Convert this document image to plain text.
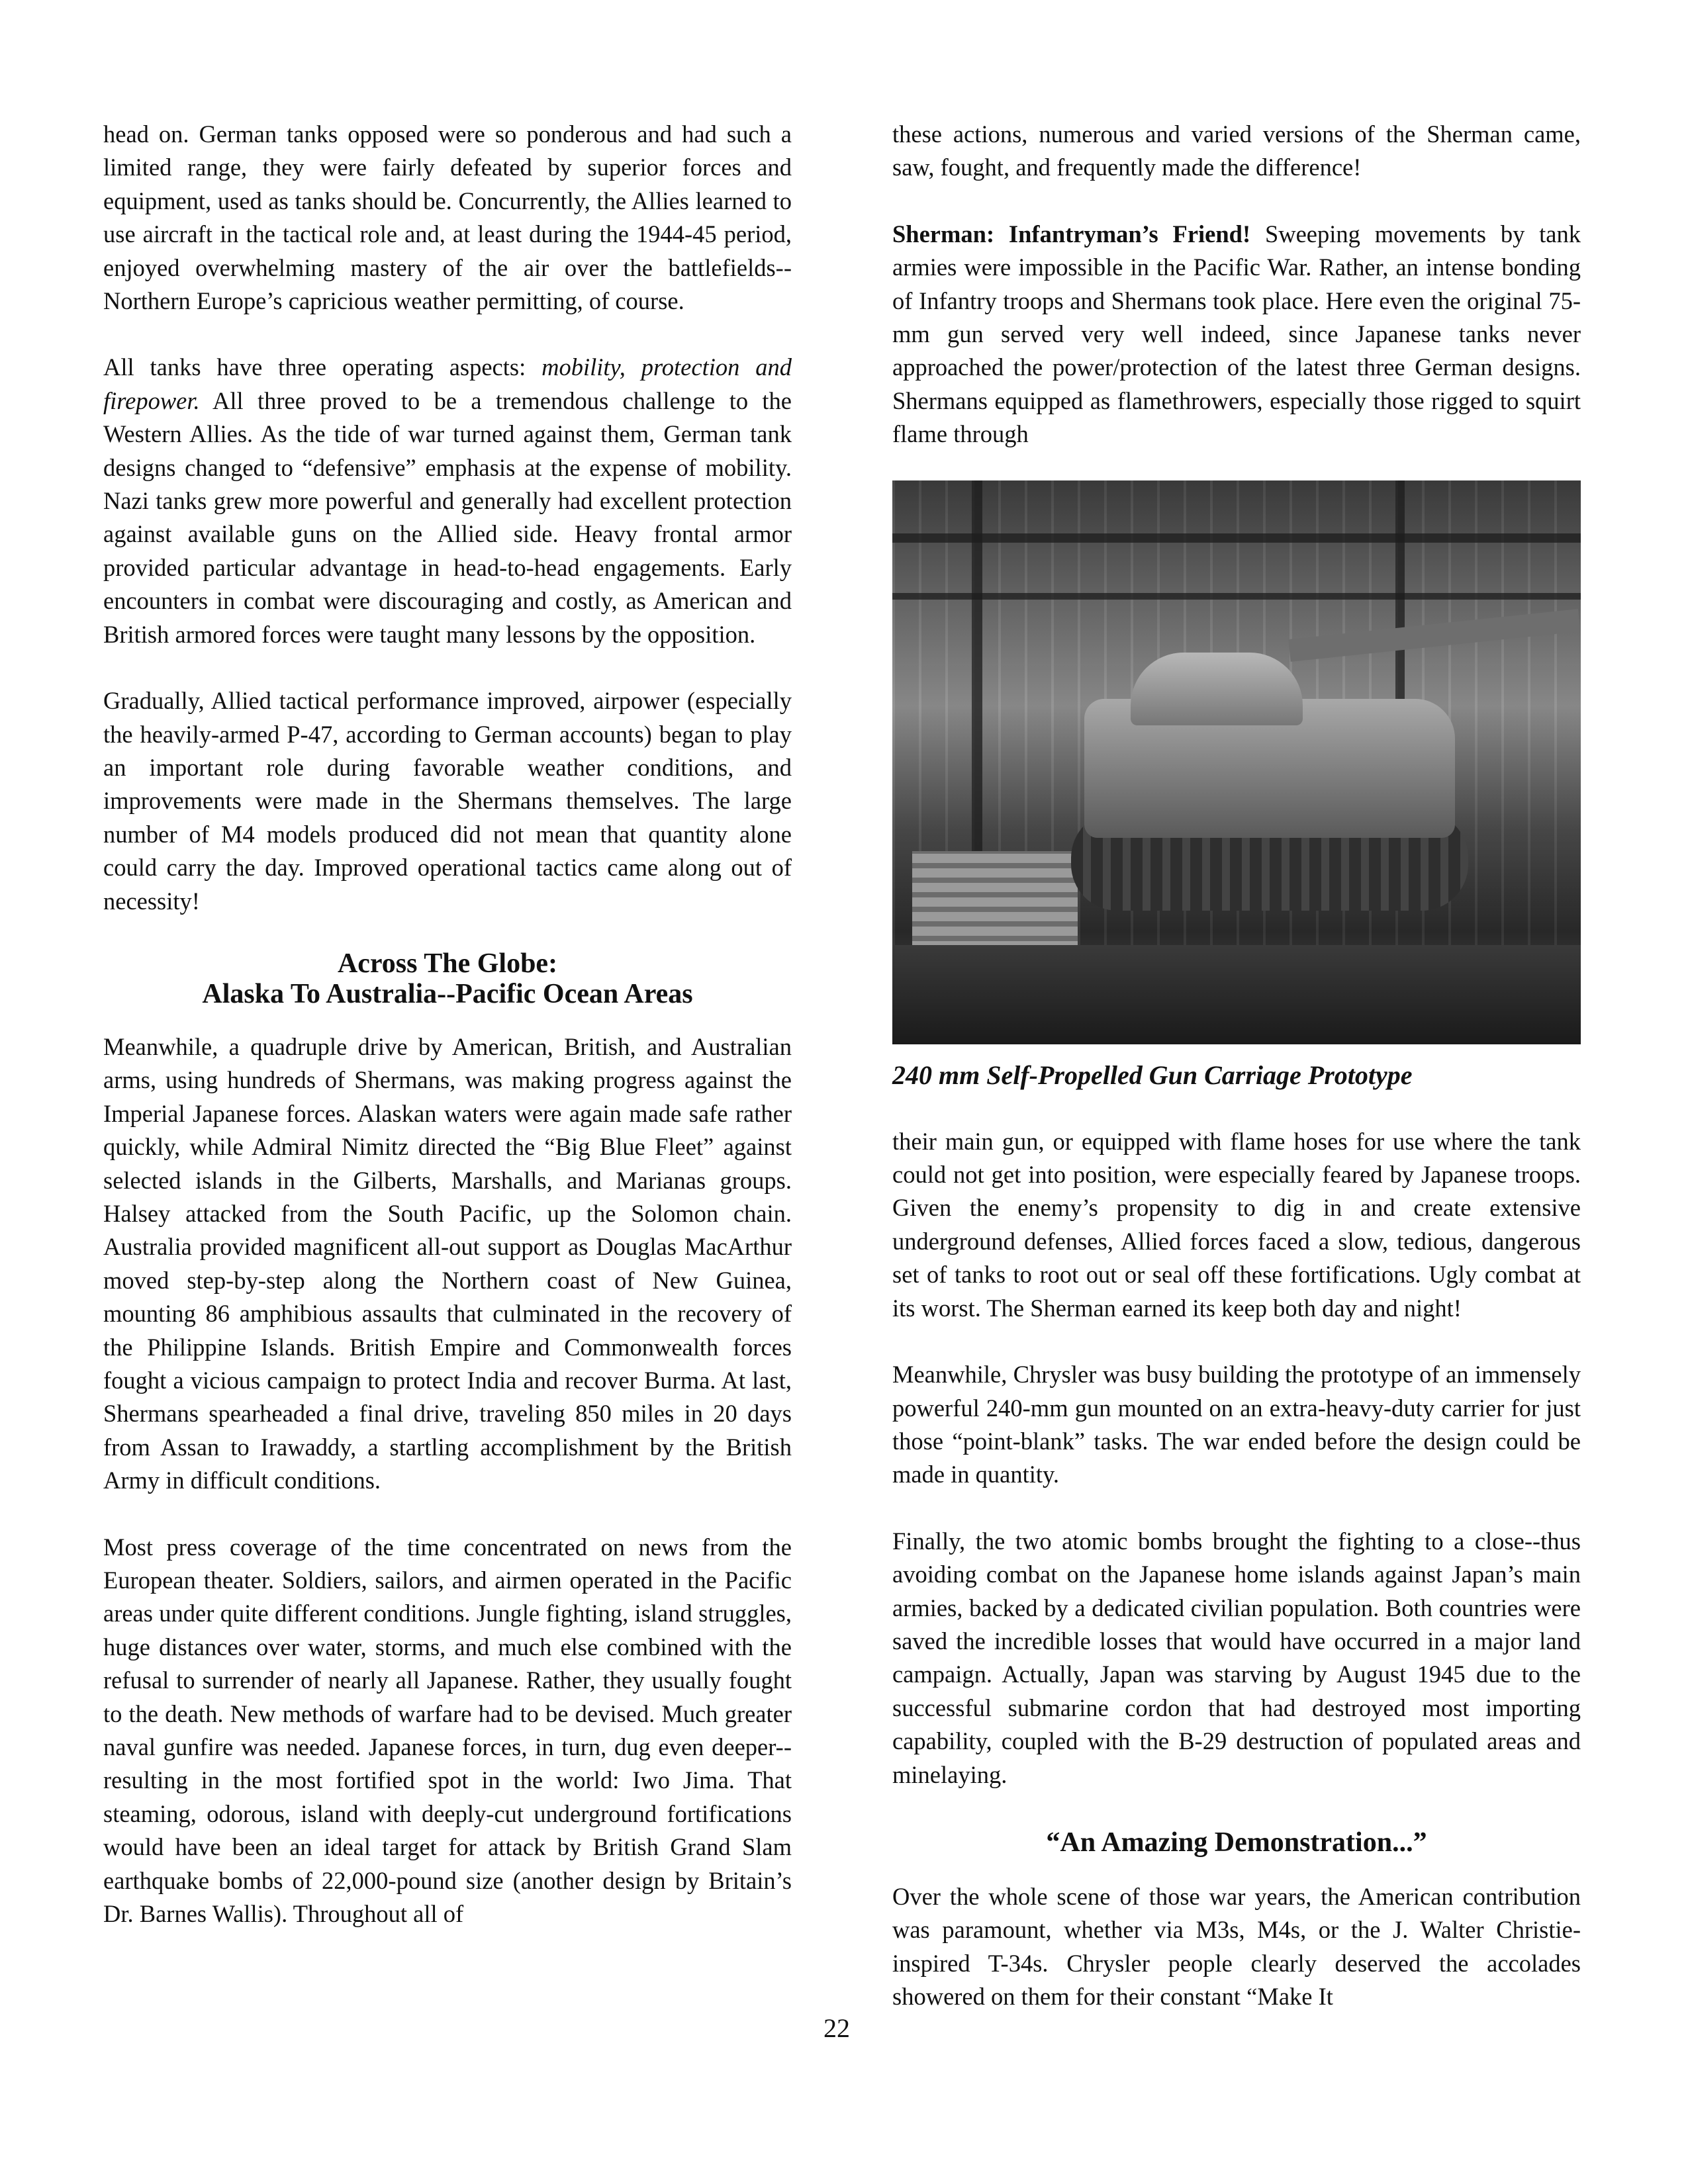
head on. German tanks opposed were so ponderous and had such a limited range, they were fairly defeated by superior forces and equipment, used as tanks should be. Concurrently, the Allies learned to use aircraft in the tactical role and, at least during the 1944-45 period, enjoyed overwhelming mastery of the air over the battlefields--Northern Europe’s capricious weather permitting, of course.

All tanks have three operating aspects: mobility, protection and firepower. All three proved to be a tremendous challenge to the Western Allies. As the tide of war turned against them, German tank designs changed to “defensive” emphasis at the expense of mobility. Nazi tanks grew more powerful and generally had excellent protection against available guns on the Allied side. Heavy frontal armor provided particular advantage in head-to-head engagements. Early encounters in combat were discouraging and costly, as American and British armored forces were taught many lessons by the opposition.

Gradually, Allied tactical performance improved, airpower (especially the heavily-armed P-47, according to German accounts) began to play an important role during favorable weather conditions, and improvements were made in the Shermans themselves. The large number of M4 models produced did not mean that quantity alone could carry the day. Improved operational tactics came along out of necessity!

Across The Globe:
Alaska To Australia--Pacific Ocean Areas

Meanwhile, a quadruple drive by American, British, and Australian arms, using hundreds of Shermans, was making progress against the Imperial Japanese forces. Alaskan waters were again made safe rather quickly, while Admiral Nimitz directed the “Big Blue Fleet” against selected islands in the Gilberts, Marshalls, and Marianas groups. Halsey attacked from the South Pacific, up the Solomon chain. Australia provided magnificent all-out support as Douglas MacArthur moved step-by-step along the Northern coast of New Guinea, mounting 86 amphibious assaults that culminated in the recovery of the Philippine Islands. British Empire and Commonwealth forces fought a vicious campaign to protect India and recover Burma. At last, Shermans spearheaded a final drive, traveling 850 miles in 20 days from Assan to Irawaddy, a startling accomplishment by the British Army in difficult conditions.

Most press coverage of the time concentrated on news from the European theater. Soldiers, sailors, and airmen operated in the Pacific areas under quite different conditions. Jungle fighting, island struggles, huge distances over water, storms, and much else combined with the refusal to surrender of nearly all Japanese. Rather, they usually fought to the death. New methods of warfare had to be devised. Much greater naval gunfire was needed. Japanese forces, in turn, dug even deeper--resulting in the most fortified spot in the world: Iwo Jima. That steaming, odorous, island with deeply-cut underground fortifications would have been an ideal target for attack by British Grand Slam earthquake bombs of 22,000-pound size (another design by Britain’s Dr. Barnes Wallis). Throughout all of

22

these actions, numerous and varied versions of the Sherman came, saw, fought, and frequently made the difference!

Sherman: Infantryman’s Friend! Sweeping movements by tank armies were impossible in the Pacific War. Rather, an intense bonding of Infantry troops and Shermans took place. Here even the original 75-mm gun served very well indeed, since Japanese tanks never approached the power/protection of the latest three German designs. Shermans equipped as flamethrowers, especially those rigged to squirt flame through

240 mm Self-Propelled Gun Carriage Prototype

their main gun, or equipped with flame hoses for use where the tank could not get into position, were especially feared by Japanese troops. Given the enemy’s propensity to dig in and create extensive underground defenses, Allied forces faced a slow, tedious, dangerous set of tanks to root out or seal off these fortifications. Ugly combat at its worst. The Sherman earned its keep both day and night!

Meanwhile, Chrysler was busy building the prototype of an immensely powerful 240-mm gun mounted on an extra-heavy-duty carrier for just those “point-blank” tasks. The war ended before the design could be made in quantity.

Finally, the two atomic bombs brought the fighting to a close--thus avoiding combat on the Japanese home islands against Japan’s main armies, backed by a dedicated civilian population. Both countries were saved the incredible losses that would have occurred in a major land campaign. Actually, Japan was starving by August 1945 due to the successful submarine cordon that had destroyed most importing capability, coupled with the B-29 destruction of populated areas and minelaying.

“An Amazing Demonstration...”

Over the whole scene of those war years, the American contribution was paramount, whether via M3s, M4s, or the J. Walter Christie-inspired T-34s. Chrysler people clearly deserved the accolades showered on them for their constant “Make It
